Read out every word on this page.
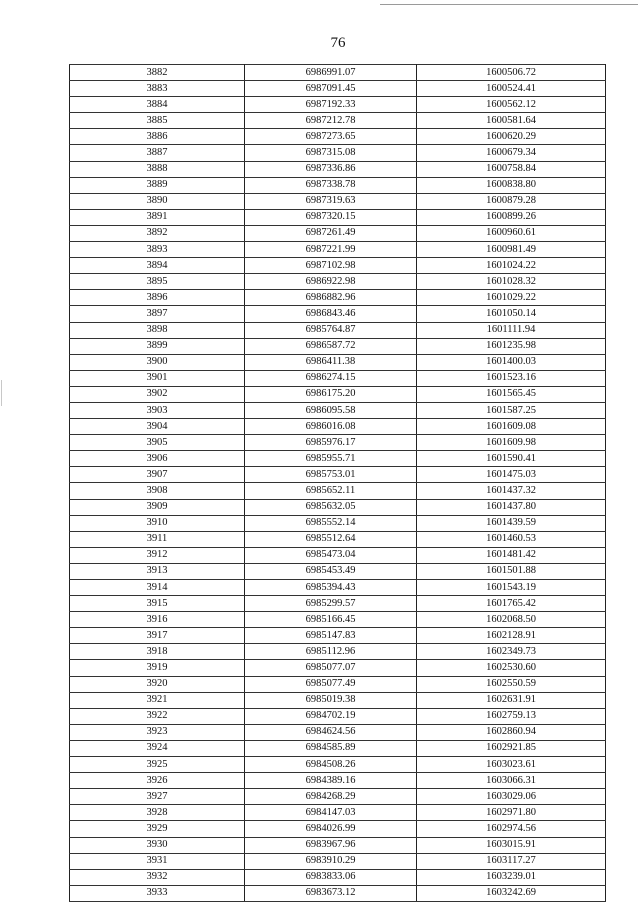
76
3882	6986991.07	1600506.72
3883	6987091.45	1600524.41
3884	6987192.33	1600562.12
3885	6987212.78	1600581.64
3886	6987273.65	1600620.29
3887	6987315.08	1600679.34
3888	6987336.86	1600758.84
3889	6987338.78	1600838.80
3890	6987319.63	1600879.28
3891	6987320.15	1600899.26
3892	6987261.49	1600960.61
3893	6987221.99	1600981.49
3894	6987102.98	1601024.22
3895	6986922.98	1601028.32
3896	6986882.96	1601029.22
3897	6986843.46	1601050.14
3898	6985764.87	1601111.94
3899	6986587.72	1601235.98
3900	6986411.38	1601400.03
3901	6986274.15	1601523.16
3902	6986175.20	1601565.45
3903	6986095.58	1601587.25
3904	6986016.08	1601609.08
3905	6985976.17	1601609.98
3906	6985955.71	1601590.41
3907	6985753.01	1601475.03
3908	6985652.11	1601437.32
3909	6985632.05	1601437.80
3910	6985552.14	1601439.59
3911	6985512.64	1601460.53
3912	6985473.04	1601481.42
3913	6985453.49	1601501.88
3914	6985394.43	1601543.19
3915	6985299.57	1601765.42
3916	6985166.45	1602068.50
3917	6985147.83	1602128.91
3918	6985112.96	1602349.73
3919	6985077.07	1602530.60
3920	6985077.49	1602550.59
3921	6985019.38	1602631.91
3922	6984702.19	1602759.13
3923	6984624.56	1602860.94
3924	6984585.89	1602921.85
3925	6984508.26	1603023.61
3926	6984389.16	1603066.31
3927	6984268.29	1603029.06
3928	6984147.03	1602971.80
3929	6984026.99	1602974.56
3930	6983967.96	1603015.91
3931	6983910.29	1603117.27
3932	6983833.06	1603239.01
3933	6983673.12	1603242.69
